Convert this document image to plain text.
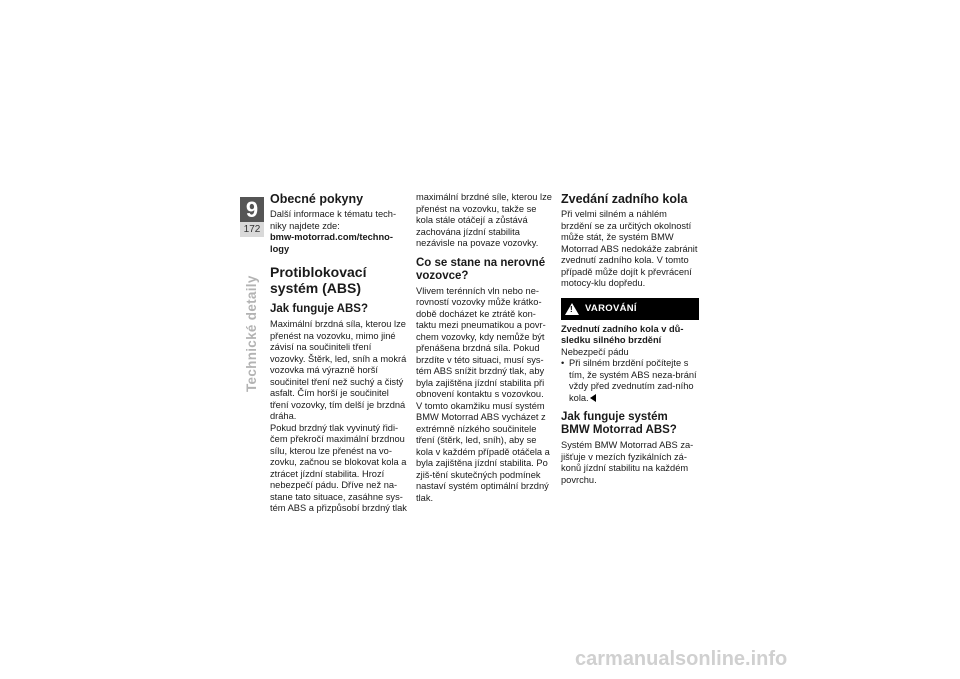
9
172
Technické detaily
Obecné pokyny

Další informace k tématu tech-niky najdete zde:

bmw-motorrad.com/techno-logy

Protiblokovací systém (ABS)
Jak funguje ABS?

Maximální brzdná síla, kterou lze přenést na vozovku, mimo jiné závisí na součiniteli tření vozovky. Štěrk, led, sníh a mokrá vozovka má výrazně horší součinitel tření než suchý a čistý asfalt. Čím horší je součinitel tření vozovky, tím delší je brzdná dráha.

Pokud brzdný tlak vyvinutý řidi-čem překročí maximální brzdnou sílu, kterou lze přenést na vo-zovku, začnou se blokovat kola a ztrácet jízdní stabilita. Hrozí nebezpečí pádu. Dříve než na-stane tato situace, zasáhne sys-tém ABS a přizpůsobí brzdný tlak

maximální brzdné síle, kterou lze přenést na vozovku, takže se kola stále otáčejí a zůstává zachována jízdní stabilita nezávisle na povaze vozovky.

Co se stane na nerovné vozovce?

Vlivem terénních vln nebo ne-rovností vozovky může krátko-době docházet ke ztrátě kon-taktu mezi pneumatikou a povr-chem vozovky, kdy nemůže být přenášena brzdná síla. Pokud brzdíte v této situaci, musí sys-tém ABS snížit brzdný tlak, aby byla zajištěna jízdní stabilita při obnovení kontaktu s vozovkou.

V tomto okamžiku musí systém BMW Motorrad ABS vycházet z extrémně nízkého součinitele tření (štěrk, led, sníh), aby se kola v každém případě otáčela a byla zajištěna jízdní stabilita. Po zjiš-tění skutečných podmínek nastaví systém optimální brzdný tlak.

Zvedání zadního kola

Při velmi silném a náhlém brzdění se za určitých okolností může stát, že systém BMW Motorrad ABS nedokáže zabránit zvednutí zadního kola. V tomto případě může dojít k převrácení motocy-klu dopředu.

! VAROVÁNÍ

Zvednutí zadního kola v dů-sledku silného brzdění

Nebezpečí pádu

• Při silném brzdění počítejte s tím, že systém ABS neza-brání vždy před zvednutím zad-ního kola.
Jak funguje systém BMW Motorrad ABS?

Systém BMW Motorrad ABS za-jišťuje v mezích fyzikálních zá-konů jízdní stabilitu na každém povrchu.

carmanualsonline.info
